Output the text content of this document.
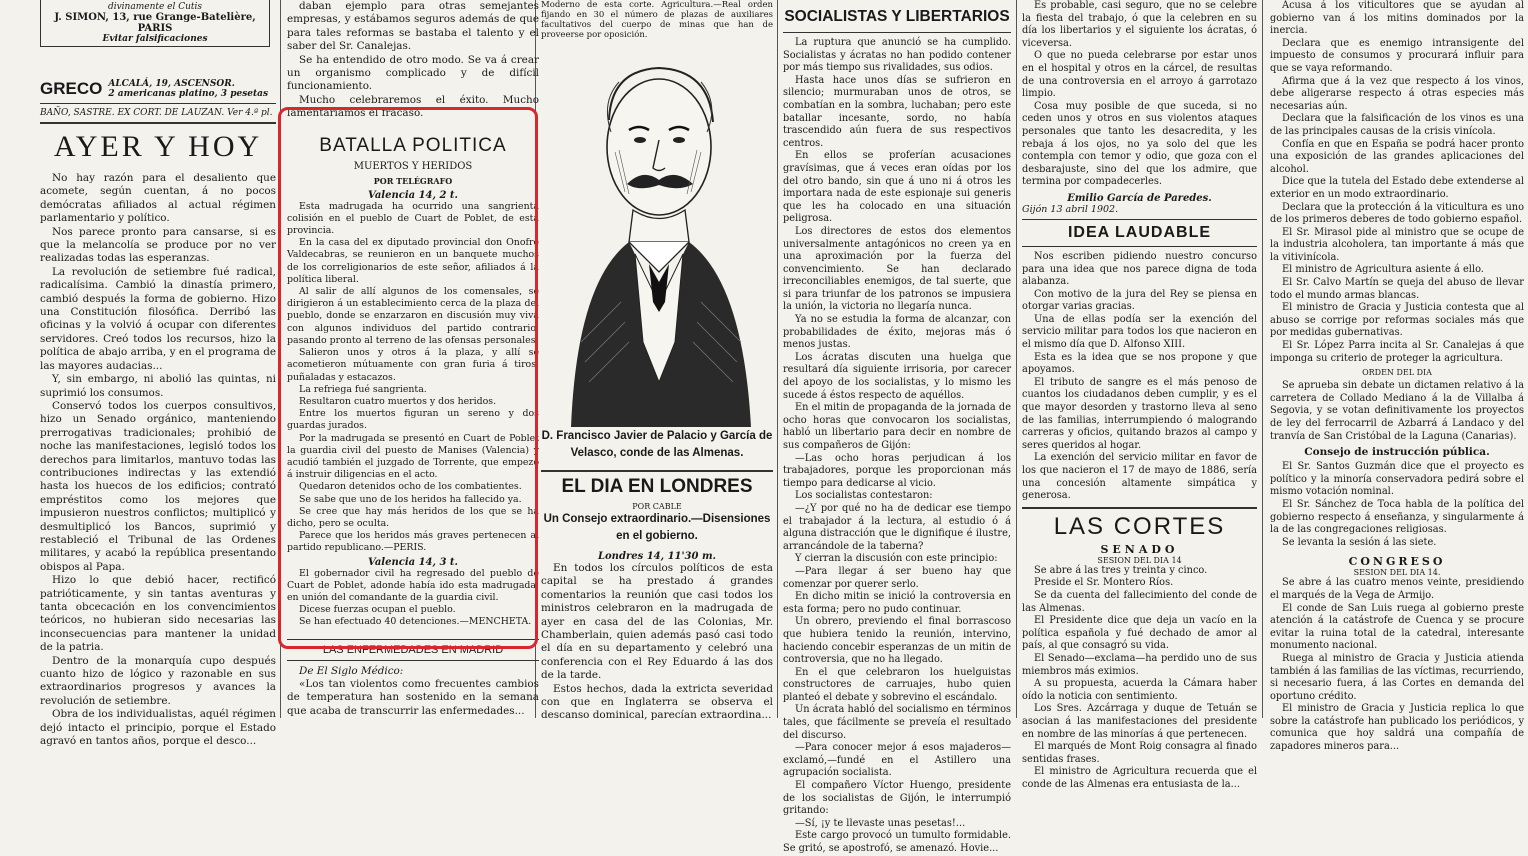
divinamente el Cutis
J. SIMON, 13, rue Grange-Batelière, PARIS
Evitar falsificaciones
GRECO ALCALÁ, 19, ASCENSOR.
2 americanas platino, 3 pesetas
BAÑO, SASTRE. EX CORT. DE LAUZAN. Ver 4.ª pl.
AYER Y HOY

No hay razón para el desaliento que acomete, según cuentan, á no pocos demócratas afiliados al actual régimen parlamentario y político.

Nos parece pronto para cansarse, si es que la melancolía se produce por no ver realizadas todas las esperanzas.

La revolución de setiembre fué radical, radicalísima. Cambió la dinastía primero, cambió después la forma de gobierno. Hizo una Constitución filosófica. Derribó las oficinas y la volvió á ocupar con diferentes servidores. Creó todos los recursos, hizo la política de abajo arriba, y en el programa de las mayores audacias...

Y, sin embargo, ni abolió las quintas, ni suprimió los consumos.

Conservó todos los cuerpos consultivos, hizo un Senado orgánico, manteniendo prerrogativas tradicionales; prohibió de noche las manifestaciones, legisló todos los derechos para limitarlos, mantuvo todas las contribuciones indirectas y las extendió hasta los huecos de los edificios; contrató empréstitos como los mejores que impusieron nuestros conflictos; multiplicó y desmultiplicó los Bancos, suprimió y restableció el Tribunal de las Ordenes militares, y acabó la república presentando obispos al Papa.

Hizo lo que debió hacer, rectificó patrióticamente, y sin tantas aventuras y tanta obcecación en los convencimientos teóricos, no hubieran sido necesarias las inconsecuencias para mantener la unidad de la patria.

Dentro de la monarquía cupo después cuanto hizo de lógico y razonable en sus extraordinarios progresos y avances la revolución de setiembre.

Obra de los individualistas, aquél régimen dejó intacto el principio, porque el Estado agravó en tantos años, porque el desco...

daban ejemplo para otras semejantes empresas, y estábamos seguros además de que para tales reformas se bastaba el talento y el saber del Sr. Canalejas.

Se ha entendido de otro modo. Se va á crear un organismo complicado y de difícil funcionamiento.

Mucho celebraremos el éxito. Mucho lamentaríamos el fracaso.

BATALLA POLITICA
MUERTOS Y HERIDOS
POR TELÉGRAFO
Valencia 14, 2 t.

Esta madrugada ha ocurrido una sangrienta colisión en el pueblo de Cuart de Poblet, de esta provincia.

En la casa del ex diputado provincial don Onofre Valdecabras, se reunieron en un banquete muchos de los correligionarios de este señor, afiliados á la política liberal.

Al salir de allí algunos de los comensales, se dirigieron á un establecimiento cerca de la plaza del pueblo, donde se enzarzaron en discusión muy viva con algunos individuos del partido contrario, pasando pronto al terreno de las ofensas personales.

Salieron unos y otros á la plaza, y allí se acometieron mútuamente con gran furia á tiros, puñaladas y estacazos.

La refriega fué sangrienta.

Resultaron cuatro muertos y dos heridos.

Entre los muertos figuran un sereno y dos guardas jurados.

Por la madrugada se presentó en Cuart de Poblet la guardia civil del puesto de Manises (Valencia) y acudió también el juzgado de Torrente, que empezó á instruir diligencias en el acto.

Quedaron detenidos ocho de los combatientes.

Se sabe que uno de los heridos ha fallecido ya.

Se cree que hay más heridos de los que se ha dicho, pero se oculta.

Parece que los heridos más graves pertenecen al partido republicano.—PERIS.

Valencia 14, 3 t.

El gobernador civil ha regresado del pueblo de Cuart de Poblet, adonde había ido esta madrugada, en unión del comandante de la guardia civil.

Dicese fuerzas ocupan el pueblo.

Se han efectuado 40 detenciones.—MENCHETA.

LAS ENFERMEDADES EN MADRID

De El Siglo Médico:

«Los tan violentos como frecuentes cambios de temperatura han sostenido en la semana que acaba de transcurrir las enfermedades...

Moderno de esta corte. Agricultura.—Real orden fijando en 30 el número de plazas de auxiliares facultativos del cuerpo de minas que han de proveerse por oposición.

D. Francisco Javier de Palacio y García de Velasco, conde de las Almenas.
EL DIA EN LONDRES
POR CABLE
Un Consejo extraordinario.—Disensiones en el gobierno.
Londres 14, 11'30 m.

En todos los círculos políticos de esta capital se ha prestado á grandes comentarios la reunión que casi todos los ministros celebraron en la madrugada de ayer en casa del de las Colonias, Mr. Chamberlain, quien además pasó casi todo el día en su departamento y celebró una conferencia con el Rey Eduardo á las dos de la tarde.

Estos hechos, dada la extricta severidad con que en Inglaterra se observa el descanso dominical, parecían extraordina...

SOCIALISTAS Y LIBERTARIOS

La ruptura que anunció se ha cumplido. Socialistas y ácratas no han podido contener por más tiempo sus rivalidades, sus odios.

Hasta hace unos días se sufrieron en silencio; murmuraban unos de otros, se combatían en la sombra, luchaban; pero este batallar incesante, sordo, no había trascendido aún fuera de sus respectivos centros.

En ellos se proferían acusaciones gravísimas, que á veces eran oídas por los del otro bando, sin que á uno ni á otros les importara nada de este espionaje sui generis que les ha colocado en una situación peligrosa.

Los directores de estos dos elementos universalmente antagónicos no creen ya en una aproximación por la fuerza del convencimiento. Se han declarado irreconciliables enemigos, de tal suerte, que si para triunfar de los patronos se impusiera la unión, la victoria no llegaría nunca.

Ya no se estudia la forma de alcanzar, con probabilidades de éxito, mejoras más ó menos justas.

Los ácratas discuten una huelga que resultará día siguiente irrisoria, por carecer del apoyo de los socialistas, y lo mismo les sucede á éstos respecto de aquéllos.

En el mitin de propaganda de la jornada de ocho horas que convocaron los socialistas, habló un libertario para decir en nombre de sus compañeros de Gijón:

—Las ocho horas perjudican á los trabajadores, porque les proporcionan más tiempo para dedicarse al vicio.

Los socialistas contestaron:

—¿Y por qué no ha de dedicar ese tiempo el trabajador á la lectura, al estudio ó á alguna distracción que le dignifique é ilustre, arrancándole de la taberna?

Y cierran la discusión con este principio:

—Para llegar á ser bueno hay que comenzar por querer serlo.

En dicho mitin se inició la controversia en esta forma; pero no pudo continuar.

Un obrero, previendo el final borrascoso que hubiera tenido la reunión, intervino, haciendo concebir esperanzas de un mitin de controversia, que no ha llegado.

En el que celebraron los huelguistas constructores de carruajes, hubo quien planteó el debate y sobrevino el escándalo.

Un ácrata habló del socialismo en términos tales, que fácilmente se preveía el resultado del discurso.

—Para conocer mejor á esos majaderos—exclamó,—fundé en el Astillero una agrupación socialista.

El compañero Víctor Huengo, presidente de los socialistas de Gijón, le interrumpió gritando:

—Sí, ¡y te llevaste unas pesetas!...

Este cargo provocó un tumulto formidable. Se gritó, se apostrofó, se amenazó. Hovie...

Es probable, casi seguro, que no se celebre la fiesta del trabajo, ó que la celebren en su día los libertarios y el siguiente los ácratas, ó viceversa.

O que no pueda celebrarse por estar unos en el hospital y otros en la cárcel, de resultas de una controversia en el arroyo á garrotazo limpio.

Cosa muy posible de que suceda, si no ceden unos y otros en sus violentos ataques personales que tanto les desacredita, y les rebaja á los ojos, no ya solo del que les contempla con temor y odio, que goza con el desbarajuste, sino del que los admire, que termina por compadecerles.

Emilio García de Paredes.
Gijón 13 abril 1902.
IDEA LAUDABLE

Nos escriben pidiendo nuestro concurso para una idea que nos parece digna de toda alabanza.

Con motivo de la jura del Rey se piensa en otorgar varias gracias.

Una de ellas podía ser la exención del servicio militar para todos los que nacieron en el mismo día que D. Alfonso XIII.

Esta es la idea que se nos propone y que apoyamos.

El tributo de sangre es el más penoso de cuantos los ciudadanos deben cumplir, y es el que mayor desorden y trastorno lleva al seno de las familias, interrumpiendo ó malogrando carreras y oficios, quitando brazos al campo y seres queridos al hogar.

La exención del servicio militar en favor de los que nacieron el 17 de mayo de 1886, sería una concesión altamente simpática y generosa.

LAS CORTES
SENADO
SESION DEL DIA 14

Se abre á las tres y treinta y cinco.

Preside el Sr. Montero Ríos.

Se da cuenta del fallecimiento del conde de las Almenas.

El Presidente dice que deja un vacío en la política española y fué dechado de amor al país, al que consagró su vida.

El Senado—exclama—ha perdido uno de sus miembros más eximios.

A su propuesta, acuerda la Cámara haber oído la noticia con sentimiento.

Los Sres. Azcárraga y duque de Tetuán se asocian á las manifestaciones del presidente en nombre de las minorías á que pertenecen.

El marqués de Mont Roig consagra al finado sentidas frases.

El ministro de Agricultura recuerda que el conde de las Almenas era entusiasta de la...

Acusa á los viticultores que se ayudan al gobierno van á los mitins dominados por la inercia.

Declara que es enemigo intransigente del impuesto de consumos y procurará influir para que se vaya reformando.

Afirma que á la vez que respecto á los vinos, debe aligerarse respecto á otras especies más necesarias aún.

Declara que la falsificación de los vinos es una de las principales causas de la crisis vinícola.

Confía en que en España se podrá hacer pronto una exposición de las grandes aplicaciones del alcohol.

Dice que la tutela del Estado debe extenderse al exterior en un modo extraordinario.

Declara que la protección á la viticultura es uno de los primeros deberes de todo gobierno español.

El Sr. Mirasol pide al ministro que se ocupe de la industria alcoholera, tan importante á más que la vitivinícola.

El ministro de Agricultura asiente á ello.

El Sr. Calvo Martín se queja del abuso de llevar todo el mundo armas blancas.

El ministro de Gracia y Justicia contesta que al abuso se corrige por reformas sociales más que por medidas gubernativas.

El Sr. López Parra incita al Sr. Canalejas á que imponga su criterio de proteger la agricultura.

ORDEN DEL DIA

Se aprueba sin debate un dictamen relativo á la carretera de Collado Mediano á la de Villalba á Segovia, y se votan definitivamente los proyectos de ley del ferrocarril de Azbarrá á Landaco y del tranvía de San Cristóbal de la Laguna (Canarias).

Consejo de instrucción pública.

El Sr. Santos Guzmán dice que el proyecto es político y la minoría conservadora pedirá sobre el mismo votación nominal.

El Sr. Sánchez de Toca habla de la política del gobierno respecto á enseñanza, y singularmente á la de las congregaciones religiosas.

Se levanta la sesión á las siete.

CONGRESO
SESION DEL DIA 14.

Se abre á las cuatro menos veinte, presidiendo el marqués de la Vega de Armijo.

El conde de San Luis ruega al gobierno preste atención á la catástrofe de Cuenca y se procure evitar la ruina total de la catedral, interesante monumento nacional.

Ruega al ministro de Gracia y Justicia atienda también á las familias de las víctimas, recurriendo, si necesario fuera, á las Cortes en demanda del oportuno crédito.

El ministro de Gracia y Justicia replica lo que sobre la catástrofe han publicado los periódicos, y comunica que hoy saldrá una compañía de zapadores mineros para...
